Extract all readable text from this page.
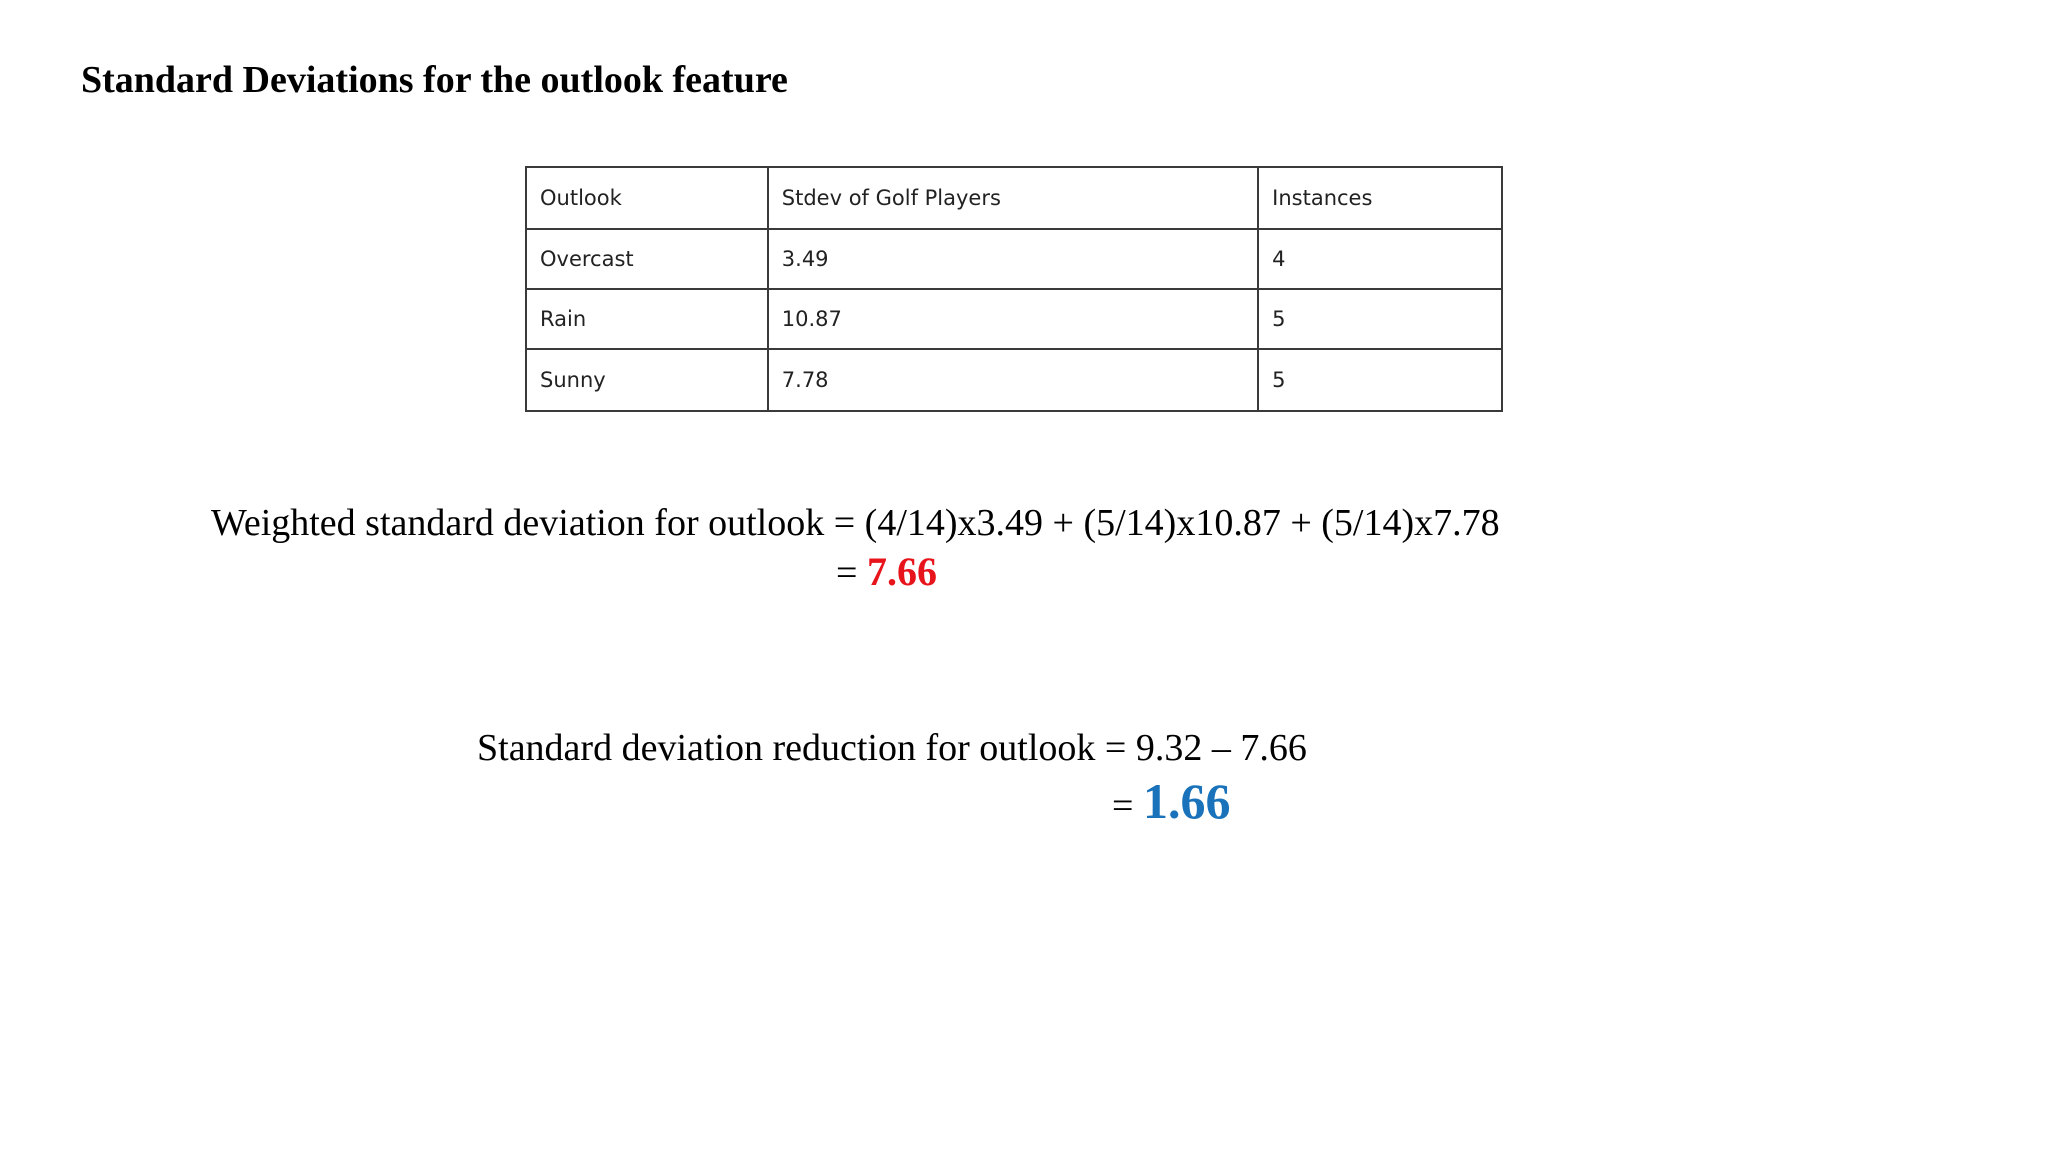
Standard Deviations for the outlook feature
Outlook	Stdev of Golf Players	Instances
Overcast	3.49	4
Rain	10.87	5
Sunny	7.78	5
Weighted standard deviation for outlook = (4/14)x3.49 + (5/14)x10.87 + (5/14)x7.78
= 7.66
Standard deviation reduction for outlook = 9.32 – 7.66
= 1.66
